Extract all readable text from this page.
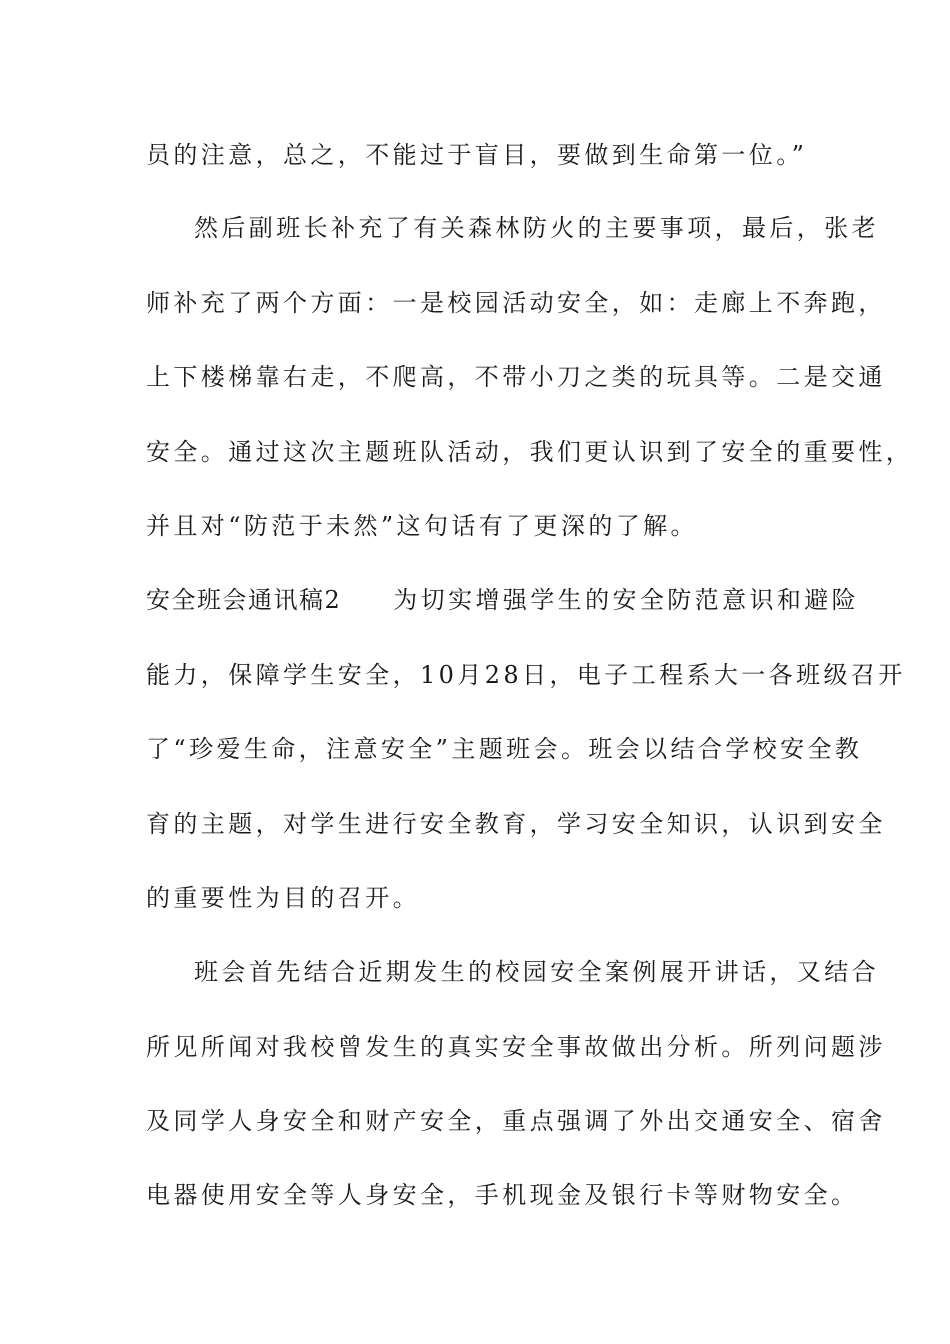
员的注意，总之，不能过于盲目，要做到生命第一位。”

然后副班长补充了有关森林防火的主要事项，最后，张老

师补充了两个方面：一是校园活动安全，如：走廊上不奔跑，

上下楼梯靠右走，不爬高，不带小刀之类的玩具等。二是交通

安全。通过这次主题班队活动，我们更认识到了安全的重要性，

并且对“防范于未然”这句话有了更深的了解。

安全班会通讯稿2 为切实增强学生的安全防范意识和避险

能力，保障学生安全，10月28日，电子工程系大一各班级召开

了“珍爱生命，注意安全”主题班会。班会以结合学校安全教

育的主题，对学生进行安全教育，学习安全知识，认识到安全

的重要性为目的召开。

班会首先结合近期发生的校园安全案例展开讲话，又结合

所见所闻对我校曾发生的真实安全事故做出分析。所列问题涉

及同学人身安全和财产安全，重点强调了外出交通安全、宿舍

电器使用安全等人身安全，手机现金及银行卡等财物安全。
